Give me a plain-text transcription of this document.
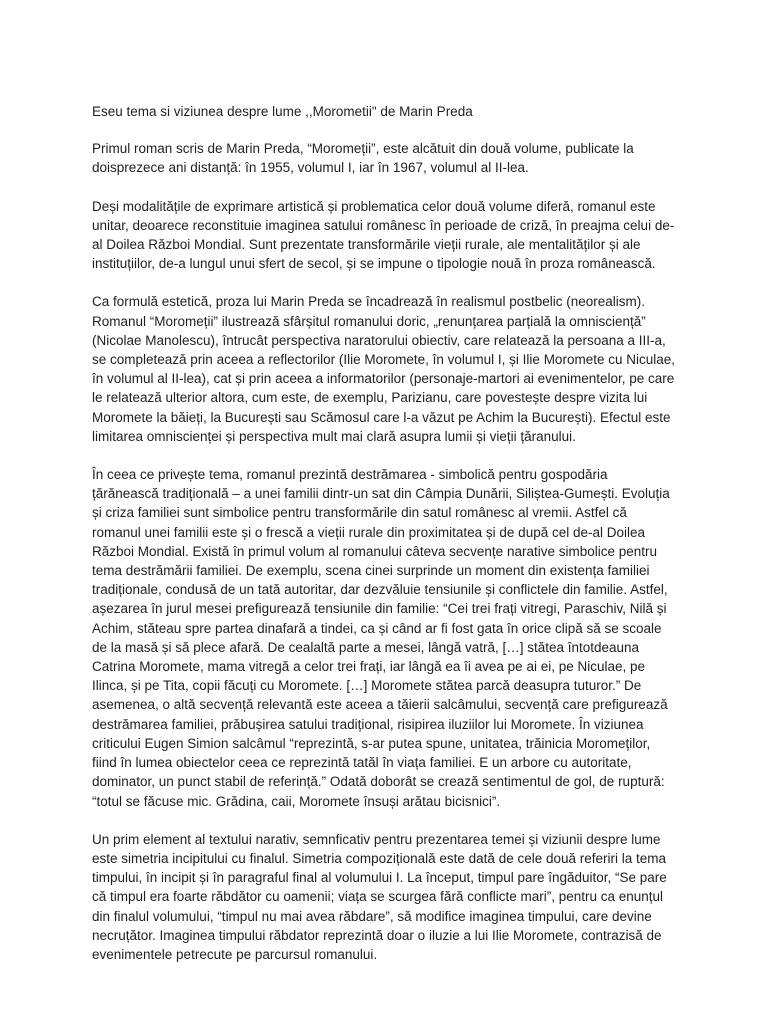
Eseu tema si viziunea despre lume ,,Morometii" de Marin Preda

Primul roman scris de Marin Preda, “Moromeții”, este alcătuit din două volume, publicate la doisprezece ani distanță: în 1955, volumul I, iar în 1967, volumul al II-lea.

Deși modalitățile de exprimare artistică și problematica celor două volume diferă, romanul este unitar, deoarece reconstituie imaginea satului românesc în perioade de criză, în preajma celui de-al Doilea Război Mondial. Sunt prezentate transformările vieții rurale, ale mentalităților și ale instituțiilor, de-a lungul unui sfert de secol, și se impune o tipologie nouă în proza românească.

Ca formulă estetică, proza lui Marin Preda se încadrează în realismul postbelic (neorealism). Romanul “Moromeții” ilustrează sfârșitul romanului doric, „renunțarea parțială la omnisciență” (Nicolae Manolescu), întrucât perspectiva naratorului obiectiv, care relatează la persoana a III-a, se completează prin aceea a reflectorilor (Ilie Moromete, în volumul I, și Ilie Moromete cu Niculae, în volumul al II-lea), cat și prin aceea a informatorilor (personaje-martori ai evenimentelor, pe care le relatează ulterior altora, cum este, de exemplu, Parizianu, care povestește despre vizita lui Moromete la băieți, la București sau Scămosul care l-a văzut pe Achim la București). Efectul este limitarea omniscienței și perspectiva mult mai clară asupra lumii și vieții țăranului.

În ceea ce privește tema, romanul prezintă destrămarea - simbolică pentru gospodăria țărănească tradițională – a unei familii dintr-un sat din Câmpia Dunării, Siliștea-Gumești. Evoluția și criza familiei sunt simbolice pentru transformările din satul românesc al vremii. Astfel că romanul unei familii este și o frescă a vieții rurale din proximitatea și de după cel de-al Doilea Război Mondial. Există în primul volum al romanului câteva secvențe narative simbolice pentru tema destrămării familiei. De exemplu, scena cinei surprinde un moment din existența familiei tradiționale, condusă de un tată autoritar, dar dezvăluie tensiunile și conflictele din familie. Astfel, așezarea în jurul mesei prefigurează tensiunile din familie: “Cei trei frați vitregi, Paraschiv, Nilă și Achim, stăteau spre partea dinafară a tindei, ca și când ar fi fost gata în orice clipă să se scoale de la masă și să plece afară. De cealaltă parte a mesei, lângă vatră, […] stătea întotdeauna Catrina Moromete, mama vitregă a celor trei frați, iar lângă ea îi avea pe ai ei, pe Niculae, pe Ilinca, și pe Tita, copii făcuți cu Moromete. […] Moromete stătea parcă deasupra tuturor.” De asemenea, o altă secvență relevantă este aceea a tăierii salcâmului, secvență care prefigurează destrămarea familiei, prăbușirea satului tradițional, risipirea iluziilor lui Moromete. În viziunea criticului Eugen Simion salcâmul “reprezintă, s-ar putea spune, unitatea, trăinicia Moromeților, fiind în lumea obiectelor ceea ce reprezintă tatăl în viața familiei. E un arbore cu autoritate, dominator, un punct stabil de referință.” Odată doborât se crează sentimentul de gol, de ruptură: “totul se făcuse mic. Grădina, caii, Moromete însuși arătau bicisnici”.

Un prim element al textului narativ, semnficativ pentru prezentarea temei și viziunii despre lume este simetria incipitului cu finalul. Simetria compozițională este dată de cele două referiri la tema timpului, în incipit și în paragraful final al volumului I. La început, timpul pare îngăduitor, “Se pare că timpul era foarte răbdător cu oamenii; viața se scurgea fără conflicte mari”, pentru ca enunțul din finalul volumului, “timpul nu mai avea răbdare”, să modifice imaginea timpului, care devine necruțător. Imaginea timpului răbdator reprezintă doar o iluzie a lui Ilie Moromete, contrazisă de evenimentele petrecute pe parcursul romanului.
